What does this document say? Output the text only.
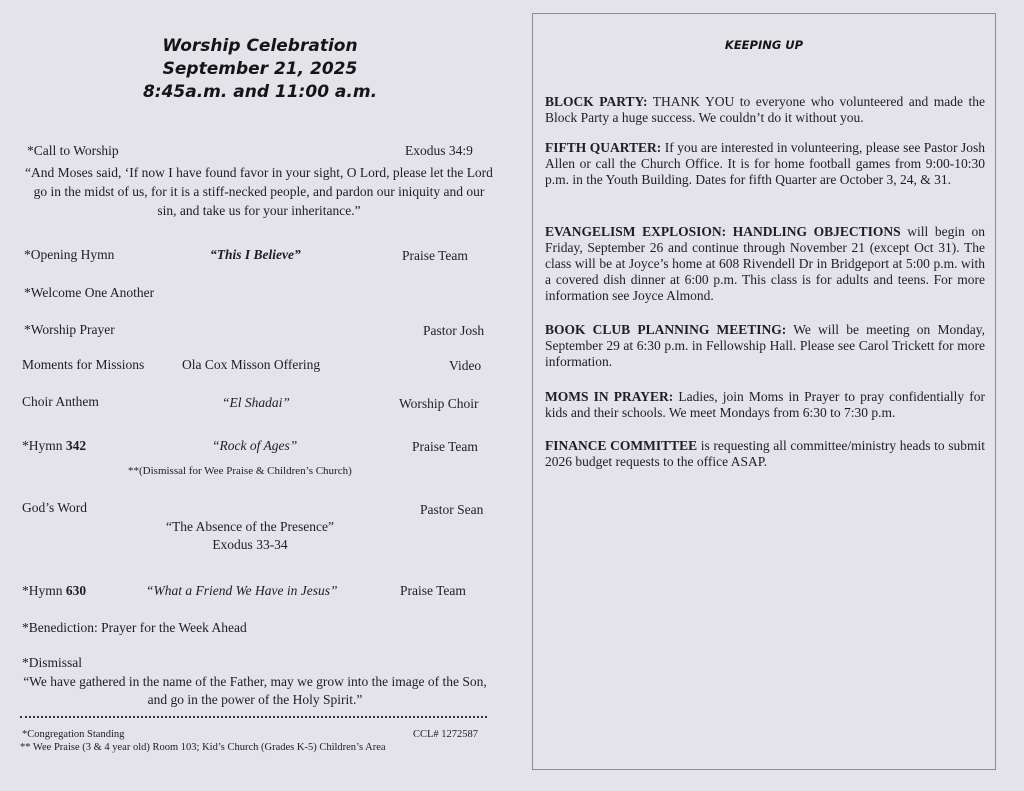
Worship Celebration
September 21, 2025
8:45a.m. and 11:00 a.m.
*Call to Worship	Exodus 34:9
“And Moses said, ‘If now I have found favor in your sight, O Lord, please let the Lord go in the midst of us, for it is a stiff-necked people, and pardon our iniquity and our sin, and take us for your inheritance.”
*Opening Hymn	“This I Believe”	Praise Team
*Welcome One Another
*Worship Prayer	Pastor Josh
Moments for Missions	Ola Cox Misson Offering	Video
Choir Anthem	“El Shadai”	Worship Choir
*Hymn 342	“Rock of Ages”	Praise Team
**(Dismissal for Wee Praise & Children’s Church)
God’s Word	Pastor Sean
“The Absence of the Presence”
Exodus 33-34
*Hymn 630	“What a Friend We Have in Jesus”	Praise Team
*Benediction: Prayer for the Week Ahead
*Dismissal
“We have gathered in the name of the Father, may we grow into the image of the Son, and go in the power of the Holy Spirit.”
*Congregation Standing	CCL# 1272587
** Wee Praise (3 & 4 year old) Room 103; Kid’s Church (Grades K-5) Children’s Area
KEEPING UP
BLOCK PARTY: THANK YOU to everyone who volunteered and made the Block Party a huge success. We couldn’t do it without you.
FIFTH QUARTER: If you are interested in volunteering, please see Pastor Josh Allen or call the Church Office. It is for home football games from 9:00-10:30 p.m. in the Youth Building. Dates for fifth Quarter are October 3, 24, & 31.
EVANGELISM EXPLOSION: HANDLING OBJECTIONS will begin on Friday, September 26 and continue through November 21 (except Oct 31). The class will be at Joyce’s home at 608 Rivendell Dr in Bridgeport at 5:00 p.m. with a covered dish dinner at 6:00 p.m. This class is for adults and teens. For more information see Joyce Almond.
BOOK CLUB PLANNING MEETING: We will be meeting on Monday, September 29 at 6:30 p.m. in Fellowship Hall. Please see Carol Trickett for more information.
MOMS IN PRAYER: Ladies, join Moms in Prayer to pray confidentially for kids and their schools. We meet Mondays from 6:30 to 7:30 p.m.
FINANCE COMMITTEE is requesting all committee/ministry heads to submit 2026 budget requests to the office ASAP.
